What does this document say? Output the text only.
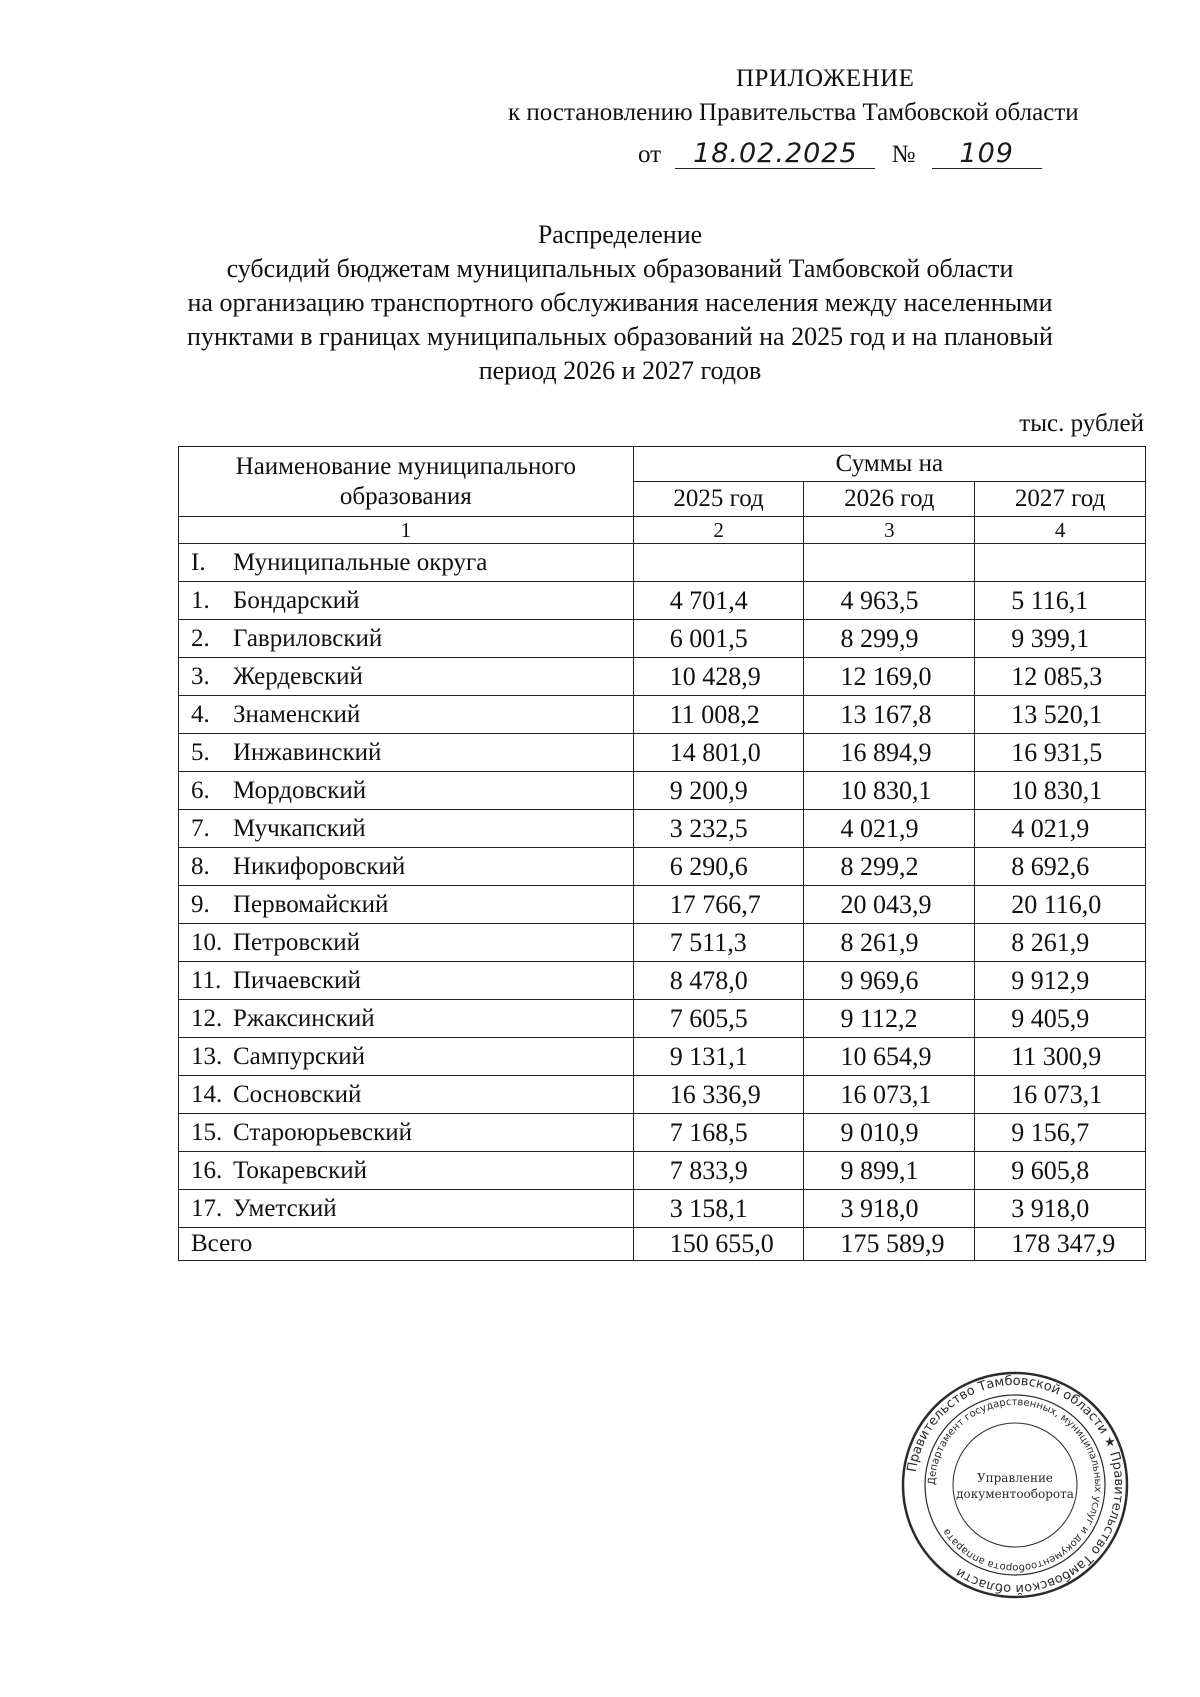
ПРИЛОЖЕНИЕ
к постановлению Правительства Тамбовской области
от 18.02.2025 № 109
Распределение
субсидий бюджетам муниципальных образований Тамбовской области
на организацию транспортного обслуживания населения между населенными
пунктами в границах муниципальных образований на 2025 год и на плановый
период 2026 и 2027 годов
тыс. рублей
Наименование муниципального образования	Суммы на		
	2025 год	2026 год	2027 год
1	2	3	4
I. Муниципальные округа			
1. Бондарский	4 701,4	4 963,5	5 116,1
2. Гавриловский	6 001,5	8 299,9	9 399,1
3. Жердевский	10 428,9	12 169,0	12 085,3
4. Знаменский	11 008,2	13 167,8	13 520,1
5. Инжавинский	14 801,0	16 894,9	16 931,5
6. Мордовский	9 200,9	10 830,1	10 830,1
7. Мучкапский	3 232,5	4 021,9	4 021,9
8. Никифоровский	6 290,6	8 299,2	8 692,6
9. Первомайский	17 766,7	20 043,9	20 116,0
10. Петровский	7 511,3	8 261,9	8 261,9
11. Пичаевский	8 478,0	9 969,6	9 912,9
12. Ржаксинский	7 605,5	9 112,2	9 405,9
13. Сампурский	9 131,1	10 654,9	11 300,9
14. Сосновский	16 336,9	16 073,1	16 073,1
15. Староюрьевский	7 168,5	9 010,9	9 156,7
16. Токаревский	7 833,9	9 899,1	9 605,8
17. Уметский	3 158,1	3 918,0	3 918,0
Всего	150 655,0	175 589,9	178 347,9
Правительство Тамбовской области ★ Правительство Тамбовской области
Департамент государственных, муниципальных услуг и документооборота аппарата
Управление
документооборота
